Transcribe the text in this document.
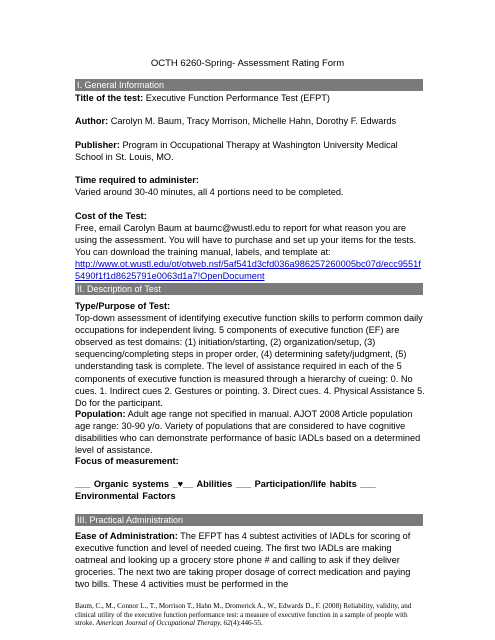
OCTH 6260-Spring- Assessment Rating Form
I. General Information

Title of the test: Executive Function Performance Test (EFPT)

Author: Carolyn M. Baum, Tracy Morrison, Michelle Hahn, Dorothy F. Edwards

Publisher: Program in Occupational Therapy at Washington University Medical School in St. Louis, MO.

Time required to administer:

Varied around 30-40 minutes, all 4 portions need to be completed.

Cost of the Test:

Free, email Carolyn Baum at baumc@wustl.edu to report for what reason you are using the assessment. You will have to purchase and set up your items for the tests.

You can download the training manual, labels, and template at:

http://www.ot.wustl.edu/ot/otweb.nsf/5af541d3cfd036a986257260005bc07d/ecc9551f5490f1f1d8625791e0063d1a7!OpenDocument

II. Description of Test

Type/Purpose of Test:

Top-down assessment of identifying executive function skills to perform common daily occupations for independent living. 5 components of executive function (EF) are observed as test domains: (1) initiation/starting, (2) organization/setup, (3) sequencing/completing steps in proper order, (4) determining safety/judgment, (5) understanding task is complete. The level of assistance required in each of the 5 components of executive function is measured through a hierarchy of cueing: 0. No cues. 1. Indirect cues 2. Gestures or pointing. 3. Direct cues. 4. Physical Assistance 5. Do for the participant.

Population: Adult age range not specified in manual. AJOT 2008 Article population age range: 30-90 y/o. Variety of populations that are considered to have cognitive disabilities who can demonstrate performance of basic IADLs based on a determined level of assistance.

Focus of measurement:

___ Organic systems _♥__ Abilities ___ Participation/life habits ___ Environmental Factors

III. Practical Administration

Ease of Administration: The EFPT has 4 subtest activities of IADLs for scoring of executive function and level of needed cueing. The first two IADLs are making oatmeal and looking up a grocery store phone # and calling to ask if they deliver groceries. The next two are taking proper dosage of correct medication and paying two bills. These 4 activities must be performed in the

Baum, C., M., Connor L., T., Morrison T., Hahn M., Dromerick A., W., Edwards D., F. (2008) Reliability, validity, and clinical utility of the executive function performance test: a measure of executive function in a sample of people with stroke. American Journal of Occupational Therapy, 62(4):446-55.
